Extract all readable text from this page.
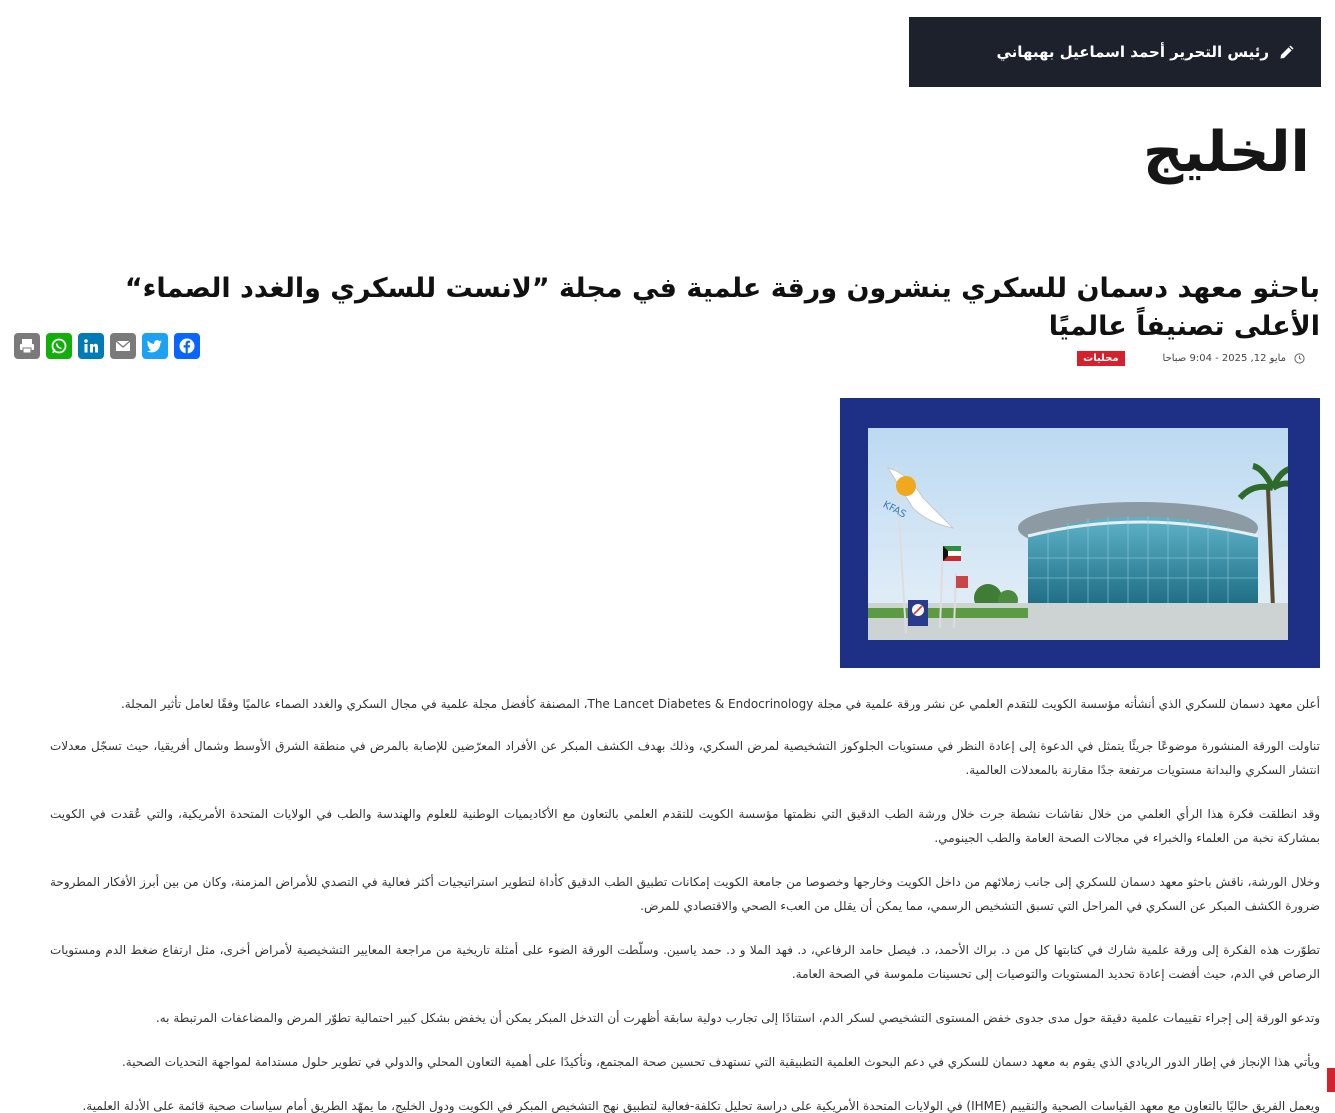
رئيس التحرير أحمد اسماعيل بهبهاني
الخليج
باحثو معهد دسمان للسكري ينشرون ورقة علمية في مجلة ”لانست للسكري والغدد الصماء“ الأعلى تصنيفاً عالميًا
مايو 12, 2025 - 9:04 صباحا
محليات
KFAS

أعلن معهد دسمان للسكري الذي أنشأته مؤسسة الكويت للتقدم العلمي عن نشر ورقة علمية في مجلة The Lancet Diabetes & Endocrinology، المصنفة كأفضل مجلة علمية في مجال السكري والغدد الصماء عالميًا وفقًا لعامل تأثير المجلة.

تناولت الورقة المنشورة موضوعًا جريئًا يتمثل في الدعوة إلى إعادة النظر في مستويات الجلوكوز التشخيصية لمرض السكري، وذلك بهدف الكشف المبكر عن الأفراد المعرّضين للإصابة بالمرض في منطقة الشرق الأوسط وشمال أفريقيا، حيث تسجّل معدلات انتشار السكري والبدانة مستويات مرتفعة جدًا مقارنة بالمعدلات العالمية.

وقد انطلقت فكرة هذا الرأي العلمي من خلال نقاشات نشطة جرت خلال ورشة الطب الدقيق التي نظمتها مؤسسة الكويت للتقدم العلمي بالتعاون مع الأكاديميات الوطنية للعلوم والهندسة والطب في الولايات المتحدة الأمريكية، والتي عُقدت في الكويت بمشاركة نخبة من العلماء والخبراء في مجالات الصحة العامة والطب الجينومي.

وخلال الورشة، ناقش باحثو معهد دسمان للسكري إلى جانب زملائهم من داخل الكويت وخارجها وخصوصا من جامعة الكويت إمكانات تطبيق الطب الدقيق كأداة لتطوير استراتيجيات أكثر فعالية في التصدي للأمراض المزمنة، وكان من بين أبرز الأفكار المطروحة ضرورة الكشف المبكر عن السكري في المراحل التي تسبق التشخيص الرسمي، مما يمكن أن يقلل من العبء الصحي والاقتصادي للمرض.

تطوّرت هذه الفكرة إلى ورقة علمية شارك في كتابتها كل من د. براك الأحمد، د. فيصل حامد الرفاعي، د. فهد الملا و د. حمد ياسين. وسلّطت الورقة الضوء على أمثلة تاريخية من مراجعة المعايير التشخيصية لأمراض أخرى، مثل ارتفاع ضغط الدم ومستويات الرصاص في الدم، حيث أفضت إعادة تحديد المستويات والتوصيات إلى تحسينات ملموسة في الصحة العامة.

وتدعو الورقة إلى إجراء تقييمات علمية دقيقة حول مدى جدوى خفض المستوى التشخيصي لسكر الدم، استنادًا إلى تجارب دولية سابقة أظهرت أن التدخل المبكر يمكن أن يخفض بشكل كبير احتمالية تطوّر المرض والمضاعفات المرتبطة به.

ويأتي هذا الإنجاز في إطار الدور الريادي الذي يقوم به معهد دسمان للسكري في دعم البحوث العلمية التطبيقية التي تستهدف تحسين صحة المجتمع، وتأكيدًا على أهمية التعاون المحلي والدولي في تطوير حلول مستدامة لمواجهة التحديات الصحية.

ويعمل الفريق حاليًا بالتعاون مع معهد القياسات الصحية والتقييم (IHME) في الولايات المتحدة الأمريكية على دراسة تحليل تكلفة-فعالية لتطبيق نهج التشخيص المبكر في الكويت ودول الخليج، ما يمهّد الطريق أمام سياسات صحية قائمة على الأدلة العلمية.
